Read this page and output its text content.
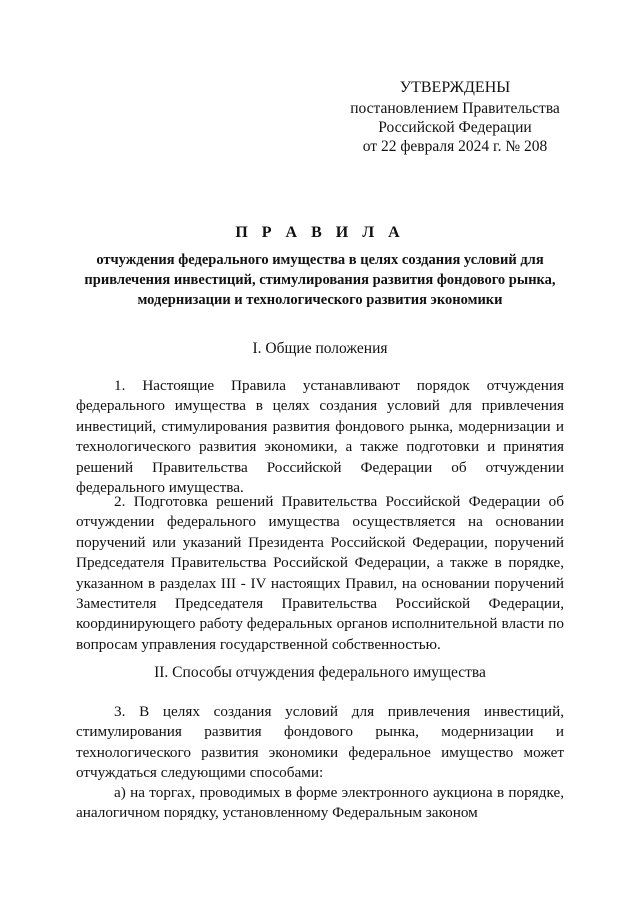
УТВЕРЖДЕНЫ
постановлением Правительства
Российской Федерации
от 22 февраля 2024 г. № 208
П Р А В И Л А
отчуждения федерального имущества в целях создания условий для привлечения инвестиций, стимулирования развития фондового рынка, модернизации и технологического развития экономики
I. Общие положения
1. Настоящие Правила устанавливают порядок отчуждения федерального имущества в целях создания условий для привлечения инвестиций, стимулирования развития фондового рынка, модернизации и технологического развития экономики, а также подготовки и принятия решений Правительства Российской Федерации об отчуждении федерального имущества.
2. Подготовка решений Правительства Российской Федерации об отчуждении федерального имущества осуществляется на основании поручений или указаний Президента Российской Федерации, поручений Председателя Правительства Российской Федерации, а также в порядке, указанном в разделах III - IV настоящих Правил, на основании поручений Заместителя Председателя Правительства Российской Федерации, координирующего работу федеральных органов исполнительной власти по вопросам управления государственной собственностью.
II. Способы отчуждения федерального имущества
3. В целях создания условий для привлечения инвестиций, стимулирования развития фондового рынка, модернизации и технологического развития экономики федеральное имущество может отчуждаться следующими способами:
а) на торгах, проводимых в форме электронного аукциона в порядке, аналогичном порядку, установленному Федеральным законом
